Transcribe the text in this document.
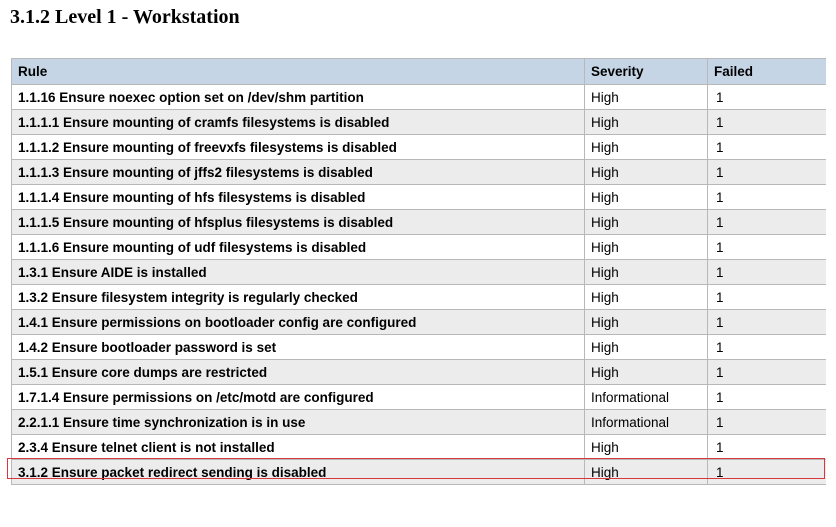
3.1.2 Level 1 - Workstation
Rule	Severity	Failed
1.1.16 Ensure noexec option set on /dev/shm partition	High	1
1.1.1.1 Ensure mounting of cramfs filesystems is disabled	High	1
1.1.1.2 Ensure mounting of freevxfs filesystems is disabled	High	1
1.1.1.3 Ensure mounting of jffs2 filesystems is disabled	High	1
1.1.1.4 Ensure mounting of hfs filesystems is disabled	High	1
1.1.1.5 Ensure mounting of hfsplus filesystems is disabled	High	1
1.1.1.6 Ensure mounting of udf filesystems is disabled	High	1
1.3.1 Ensure AIDE is installed	High	1
1.3.2 Ensure filesystem integrity is regularly checked	High	1
1.4.1 Ensure permissions on bootloader config are configured	High	1
1.4.2 Ensure bootloader password is set	High	1
1.5.1 Ensure core dumps are restricted	High	1
1.7.1.4 Ensure permissions on /etc/motd are configured	Informational	1
2.2.1.1 Ensure time synchronization is in use	Informational	1
2.3.4 Ensure telnet client is not installed	High	1
3.1.2 Ensure packet redirect sending is disabled	High	1
